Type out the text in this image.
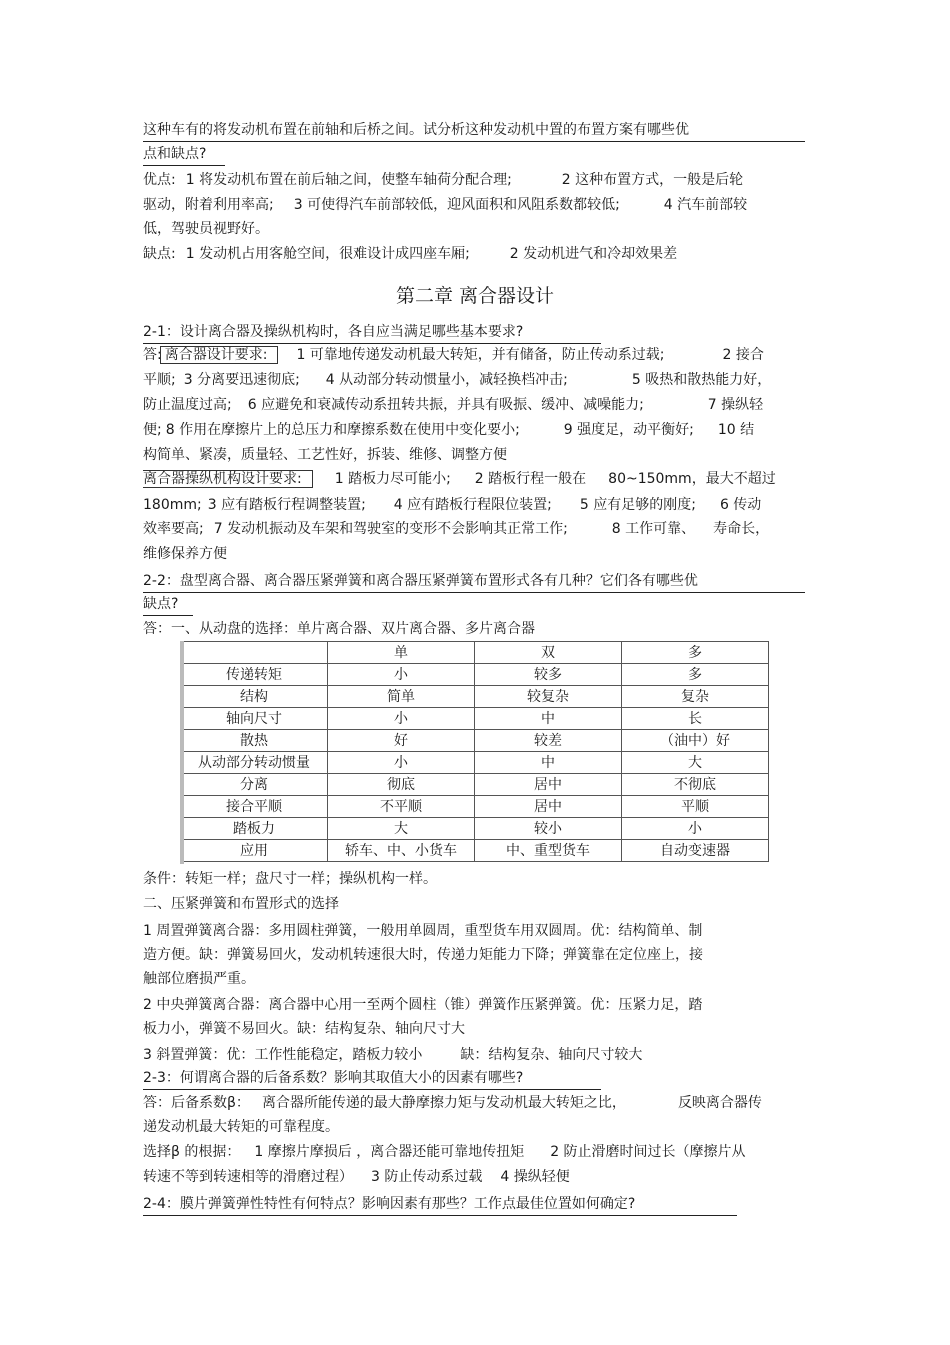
这种车有的将发动机布置在前轴和后桥之间。试分析这种发动机中置的布置方案有哪些优
点和缺点?
优点: 1 将发动机布置在前后轴之间，使整车轴荷分配合理;	2 这种布置方式，一般是后轮
驱动，附着利用率高; 3 可使得汽车前部较低，迎风面积和风阻系数都较低;	4 汽车前部较
低，驾驶员视野好。
缺点: 1 发动机占用客舱空间，很难设计成四座车厢;	2 发动机进气和冷却效果差
第二章 离合器设计
2-1：设计离合器及操纵机构时，各自应当满足哪些基本要求?
答: 离合器设计要求: 1 可靠地传递发动机最大转矩，并有储备，防止传动系过载;	2 接合
平顺; 3 分离要迅速彻底; 4 从动部分转动惯量小，减轻换档冲击;	5 吸热和散热能力好，
防止温度过高; 6 应避免和衰减传动系扭转共振，并具有吸振、缓冲、减噪能力;	7 操纵轻
便; 8 作用在摩擦片上的总压力和摩擦系数在使用中变化要小;	9 强度足，动平衡好; 10 结
构简单、紧凑，质量轻、工艺性好，拆装、维修、调整方便
离合器操纵机构设计要求: 1 踏板力尽可能小; 2 踏板行程一般在 80~150mm，最大不超过
180mm; 3 应有踏板行程调整装置; 4 应有踏板行程限位装置; 5 应有足够的刚度; 6 传动
效率要高; 7 发动机振动及车架和驾驶室的变形不会影响其正常工作;	8 工作可靠、 寿命长，
维修保养方便
2-2：盘型离合器、离合器压紧弹簧和离合器压紧弹簧布置形式各有几种？它们各有哪些优
缺点?
答：一、从动盘的选择：单片离合器、双片离合器、多片离合器
	单	双	多
传递转矩	小	较多	多
结构	简单	较复杂	复杂
轴向尺寸	小	中	长
散热	好	较差	（油中）好
从动部分转动惯量	小	中	大
分离	彻底	居中	不彻底
接合平顺	不平顺	居中	平顺
踏板力	大	较小	小
应用	轿车、中、小货车	中、重型货车	自动变速器
条件：转矩一样；盘尺寸一样；操纵机构一样。
二、压紧弹簧和布置形式的选择
1 周置弹簧离合器：多用圆柱弹簧，一般用单圆周，重型货车用双圆周。优：结构简单、制
造方便。缺：弹簧易回火，发动机转速很大时，传递力矩能力下降；弹簧靠在定位座上，接
触部位磨损严重。
2 中央弹簧离合器：离合器中心用一至两个圆柱（锥）弹簧作压紧弹簧。优：压紧力足，踏
板力小，弹簧不易回火。缺：结构复杂、轴向尺寸大
3 斜置弹簧：优：工作性能稳定，踏板力较小	缺：结构复杂、轴向尺寸较大
2-3：何谓离合器的后备系数？影响其取值大小的因素有哪些?
答：后备系数β： 离合器所能传递的最大静摩擦力矩与发动机最大转矩之比，	反映离合器传
递发动机最大转矩的可靠程度。
选择β 的根据： 1 摩擦片摩损后 ，离合器还能可靠地传扭矩 2 防止滑磨时间过长（摩擦片从
转速不等到转速相等的滑磨过程） 3 防止传动系过载 4 操纵轻便
2-4：膜片弹簧弹性特性有何特点？影响因素有那些？工作点最佳位置如何确定?
